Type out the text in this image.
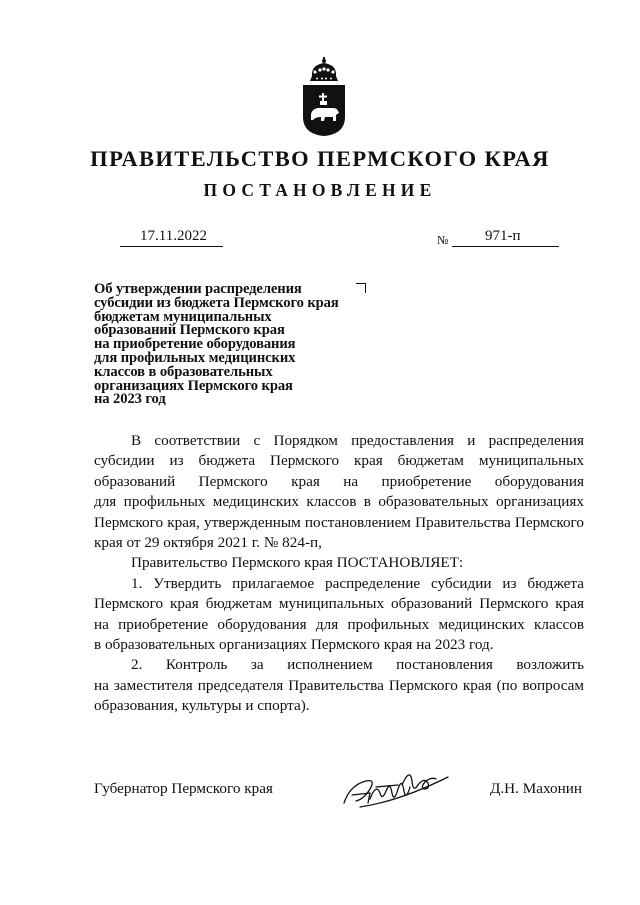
ПРАВИТЕЛЬСТВО ПЕРМСКОГО КРАЯ
ПОСТАНОВЛЕНИЕ
17.11.2022	№	971-п
Об утверждении распределения
субсидии из бюджета Пермского края
бюджетам муниципальных
образований Пермского края
на приобретение оборудования
для профильных медицинских
классов в образовательных
организациях Пермского края
на 2023 год

В соответствии с Порядком предоставления и распределения

субсидии из бюджета Пермского края бюджетам муниципальных

образований Пермского края на приобретение оборудования

для профильных медицинских классов в образовательных организациях

Пермского края, утвержденным постановлением Правительства Пермского

края от 29 октября 2021 г. № 824-п,

Правительство Пермского края ПОСТАНОВЛЯЕТ:

1. Утвердить прилагаемое распределение субсидии из бюджета

Пермского края бюджетам муниципальных образований Пермского края

на приобретение оборудования для профильных медицинских классов

в образовательных организациях Пермского края на 2023 год.

2. Контроль за исполнением постановления возложить

на заместителя председателя Правительства Пермского края (по вопросам

образования, культуры и спорта).

Губернатор Пермского края	Д.Н. Махонин
